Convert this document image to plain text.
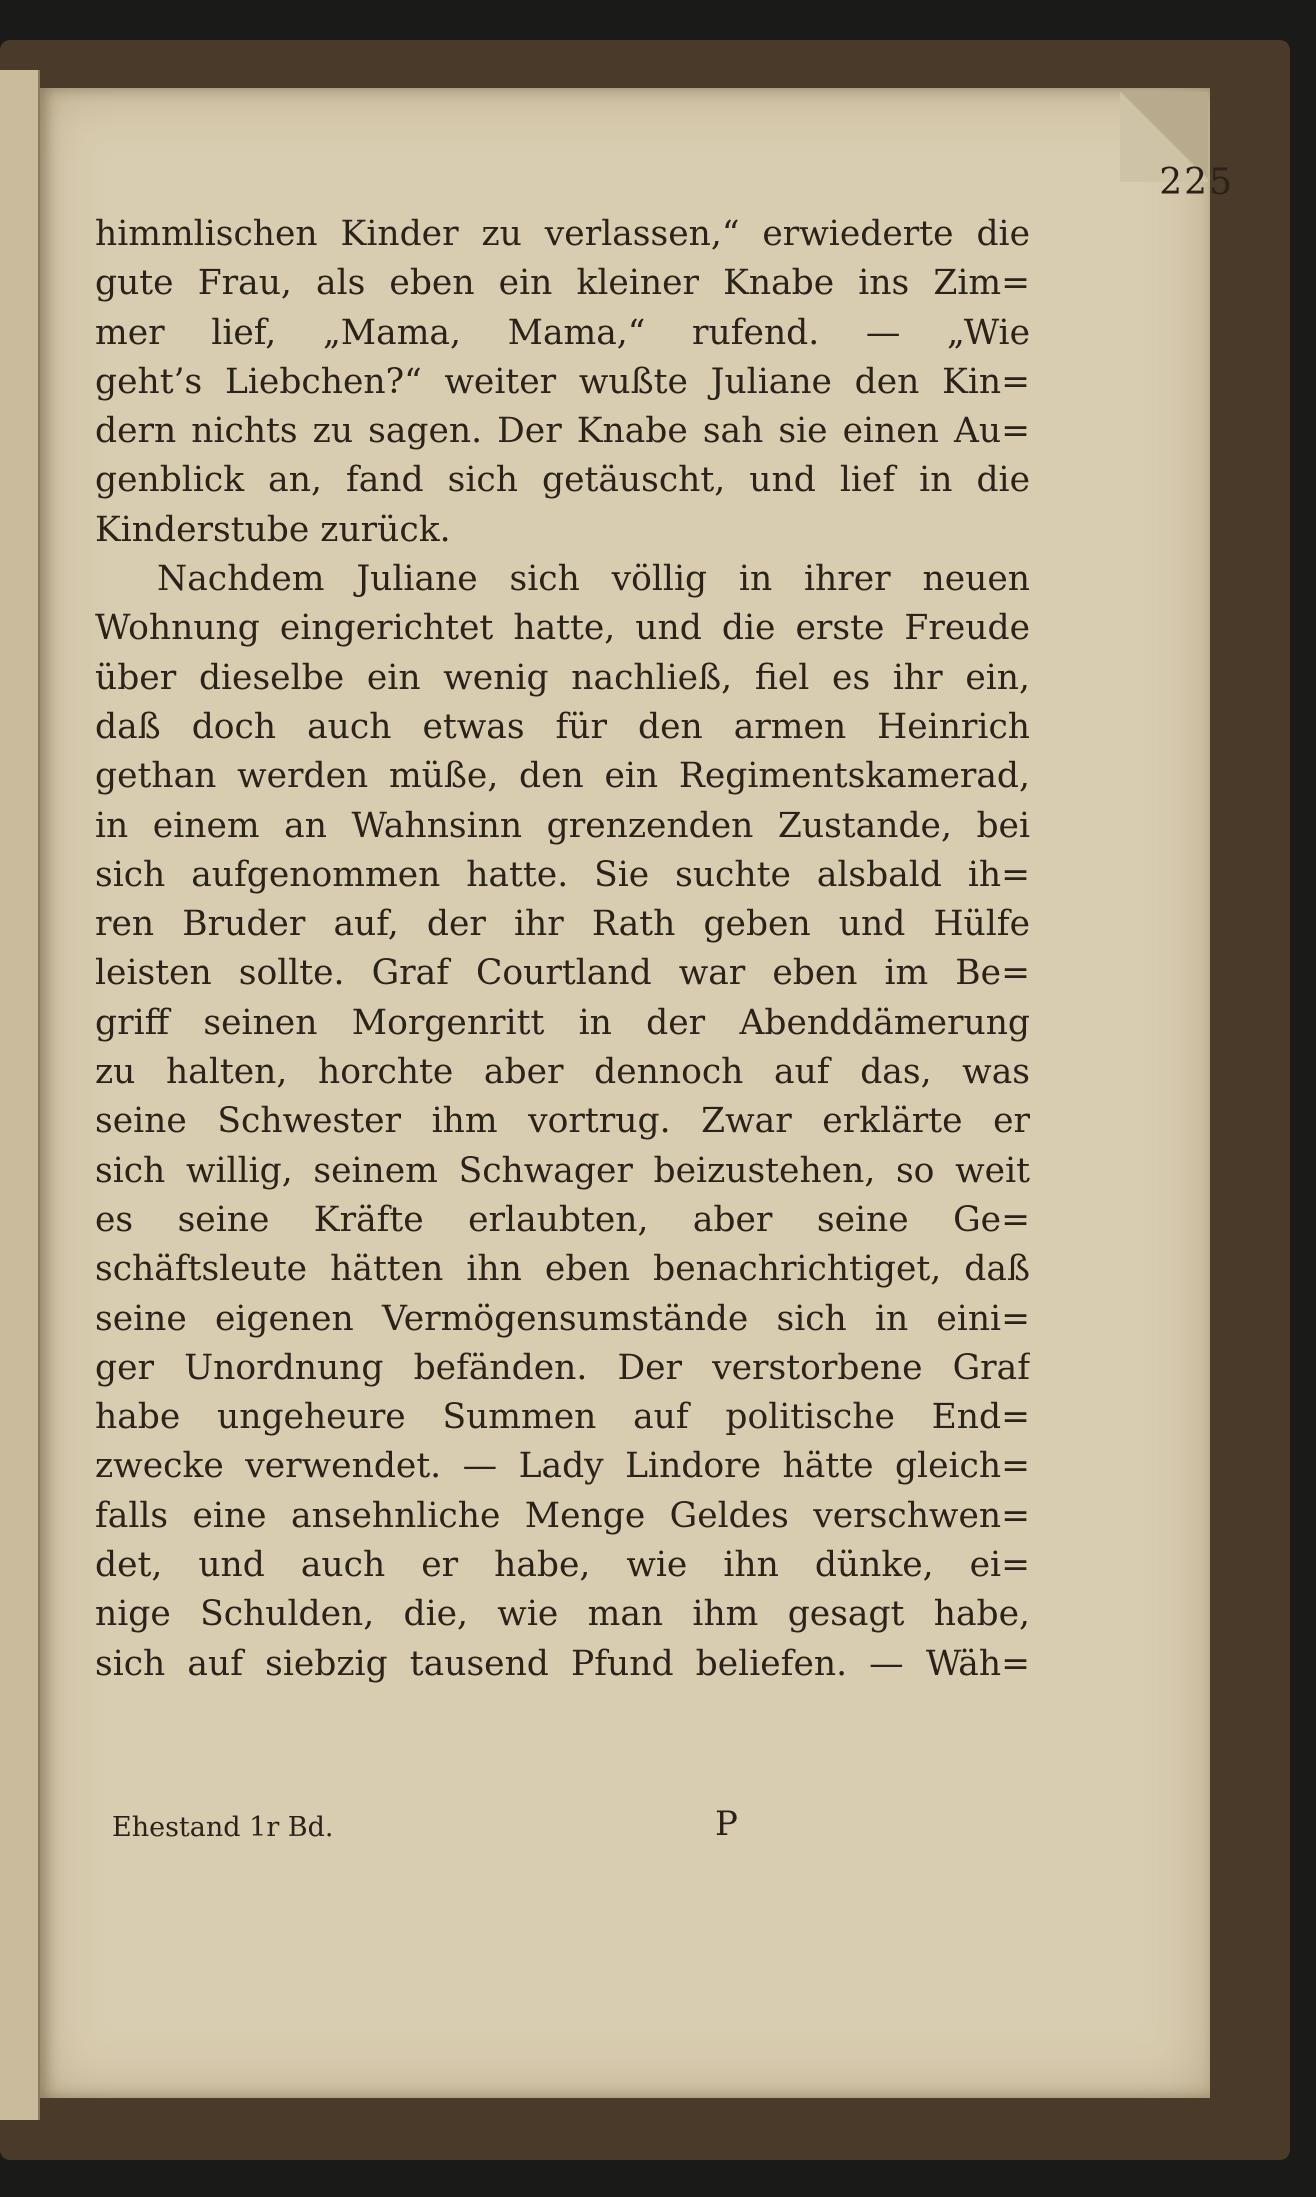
225
himmlischen Kinder zu verlassen,“ erwiederte die
gute Frau, als eben ein kleiner Knabe ins Zim=
mer lief, „Mama, Mama,“ rufend. — „Wie
geht’s Liebchen?“ weiter wußte Juliane den Kin=
dern nichts zu sagen. Der Knabe sah sie einen Au=
genblick an, fand sich getäuscht, und lief in die
Kinderstube zurück.
Nachdem Juliane sich völlig in ihrer neuen
Wohnung eingerichtet hatte, und die erste Freude
über dieselbe ein wenig nachließ, fiel es ihr ein,
daß doch auch etwas für den armen Heinrich
gethan werden müße, den ein Regimentskamerad,
in einem an Wahnsinn grenzenden Zustande, bei
sich aufgenommen hatte. Sie suchte alsbald ih=
ren Bruder auf, der ihr Rath geben und Hülfe
leisten sollte. Graf Courtland war eben im Be=
griff seinen Morgenritt in der Abenddämerung
zu halten, horchte aber dennoch auf das, was
seine Schwester ihm vortrug. Zwar erklärte er
sich willig, seinem Schwager beizustehen, so weit
es seine Kräfte erlaubten, aber seine Ge=
schäftsleute hätten ihn eben benachrichtiget, daß
seine eigenen Vermögensumstände sich in eini=
ger Unordnung befänden. Der verstorbene Graf
habe ungeheure Summen auf politische End=
zwecke verwendet. — Lady Lindore hätte gleich=
falls eine ansehnliche Menge Geldes verschwen=
det, und auch er habe, wie ihn dünke, ei=
nige Schulden, die, wie man ihm gesagt habe,
sich auf siebzig tausend Pfund beliefen. — Wäh=
Ehestand 1r Bd.	P
